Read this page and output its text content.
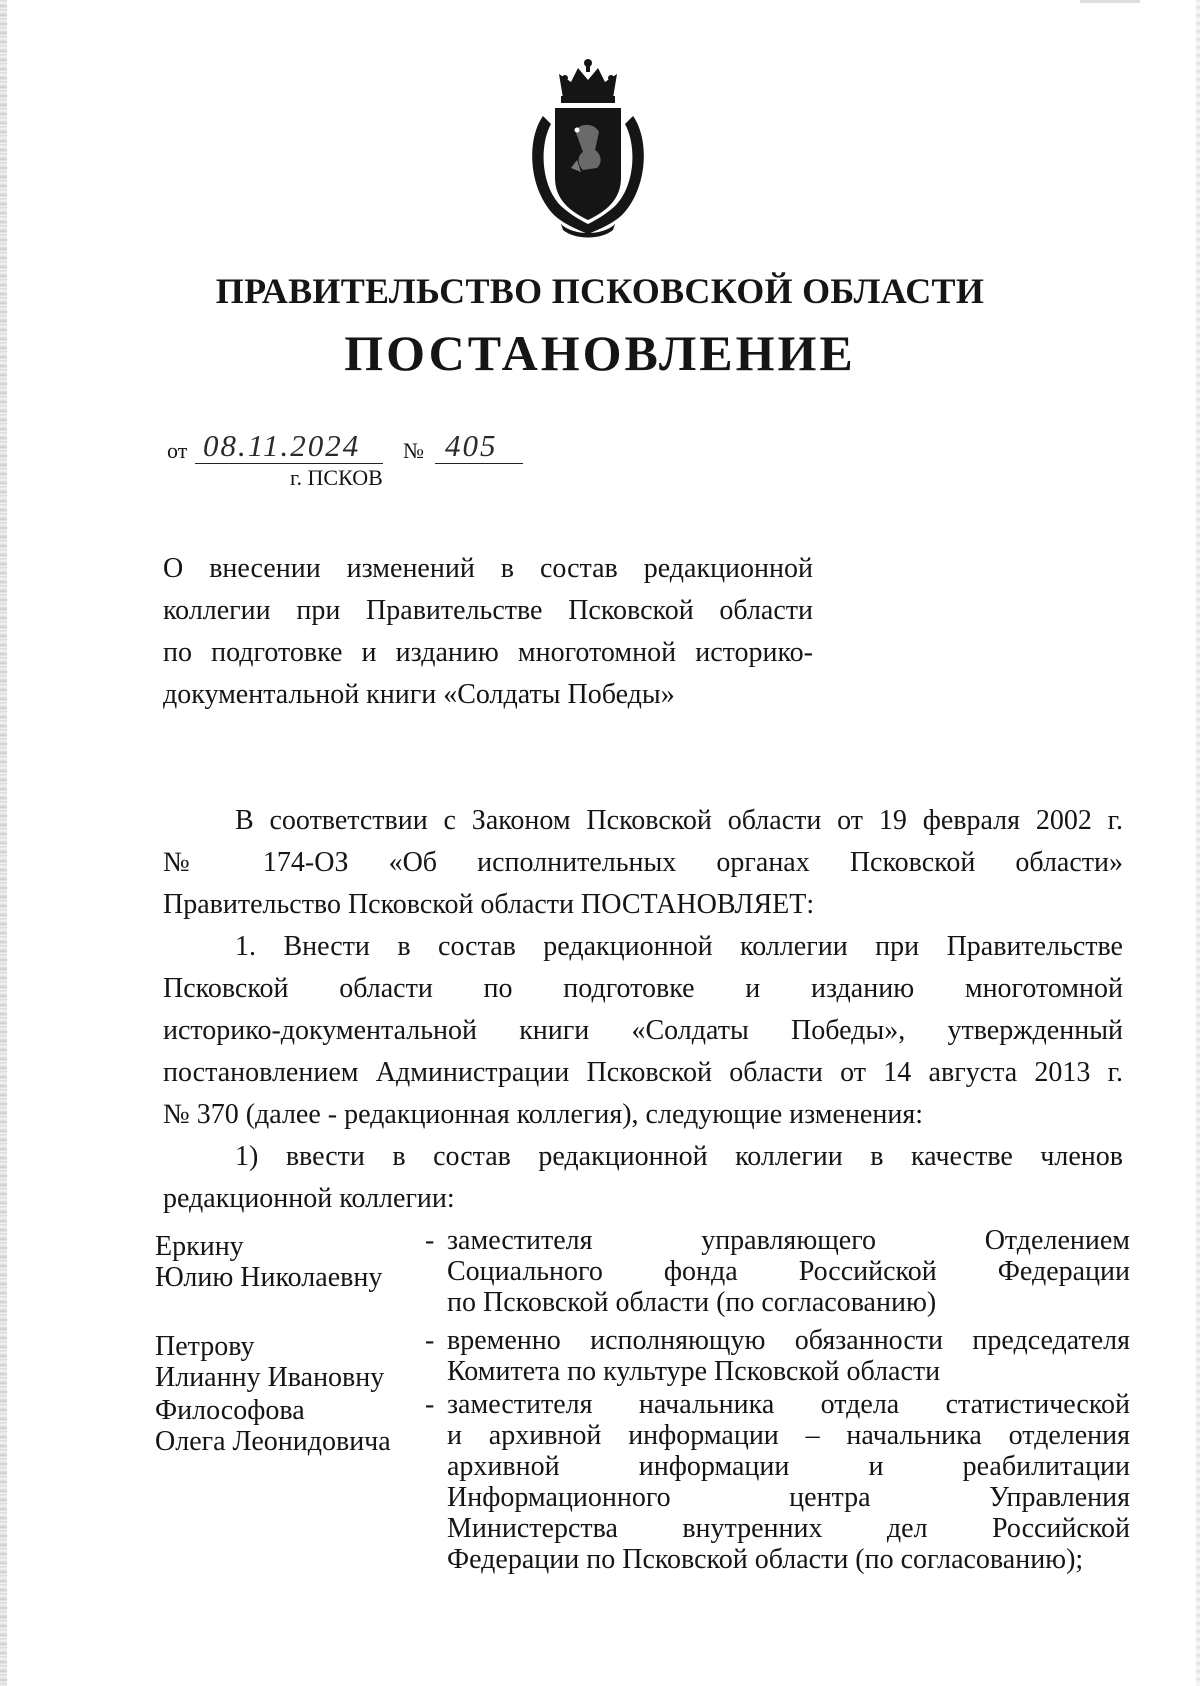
ПРАВИТЕЛЬСТВО ПСКОВСКОЙ ОБЛАСТИ
ПОСТАНОВЛЕНИЕ
от 08.11.2024 № 405
г. ПСКОВ
О внесении изменений в состав редакционной
коллегии при Правительстве Псковской области
по подготовке и изданию многотомной историко-
документальной книги «Солдаты Победы»
В соответствии с Законом Псковской области от 19 февраля 2002 г.
№ 174-ОЗ «Об исполнительных органах Псковской области»
Правительство Псковской области ПОСТАНОВЛЯЕТ:
1. Внести в состав редакционной коллегии при Правительстве
Псковской области по подготовке и изданию многотомной
историко-документальной книги «Солдаты Победы», утвержденный
постановлением Администрации Псковской области от 14 августа 2013 г.
№ 370 (далее - редакционная коллегия), следующие изменения:
1) ввести в состав редакционной коллегии в качестве членов
редакционной коллегии:
Еркину
Юлию Николаевну
- заместителя управляющего Отделением
Социального фонда Российской Федерации
по Псковской области (по согласованию)
Петрову
Илианну Ивановну
- временно исполняющую обязанности председателя
Комитета по культуре Псковской области
Философова
Олега Леонидовича
- заместителя начальника отдела статистической
и архивной информации – начальника отделения
архивной информации и реабилитации
Информационного центра Управления
Министерства внутренних дел Российской
Федерации по Псковской области (по согласованию);
